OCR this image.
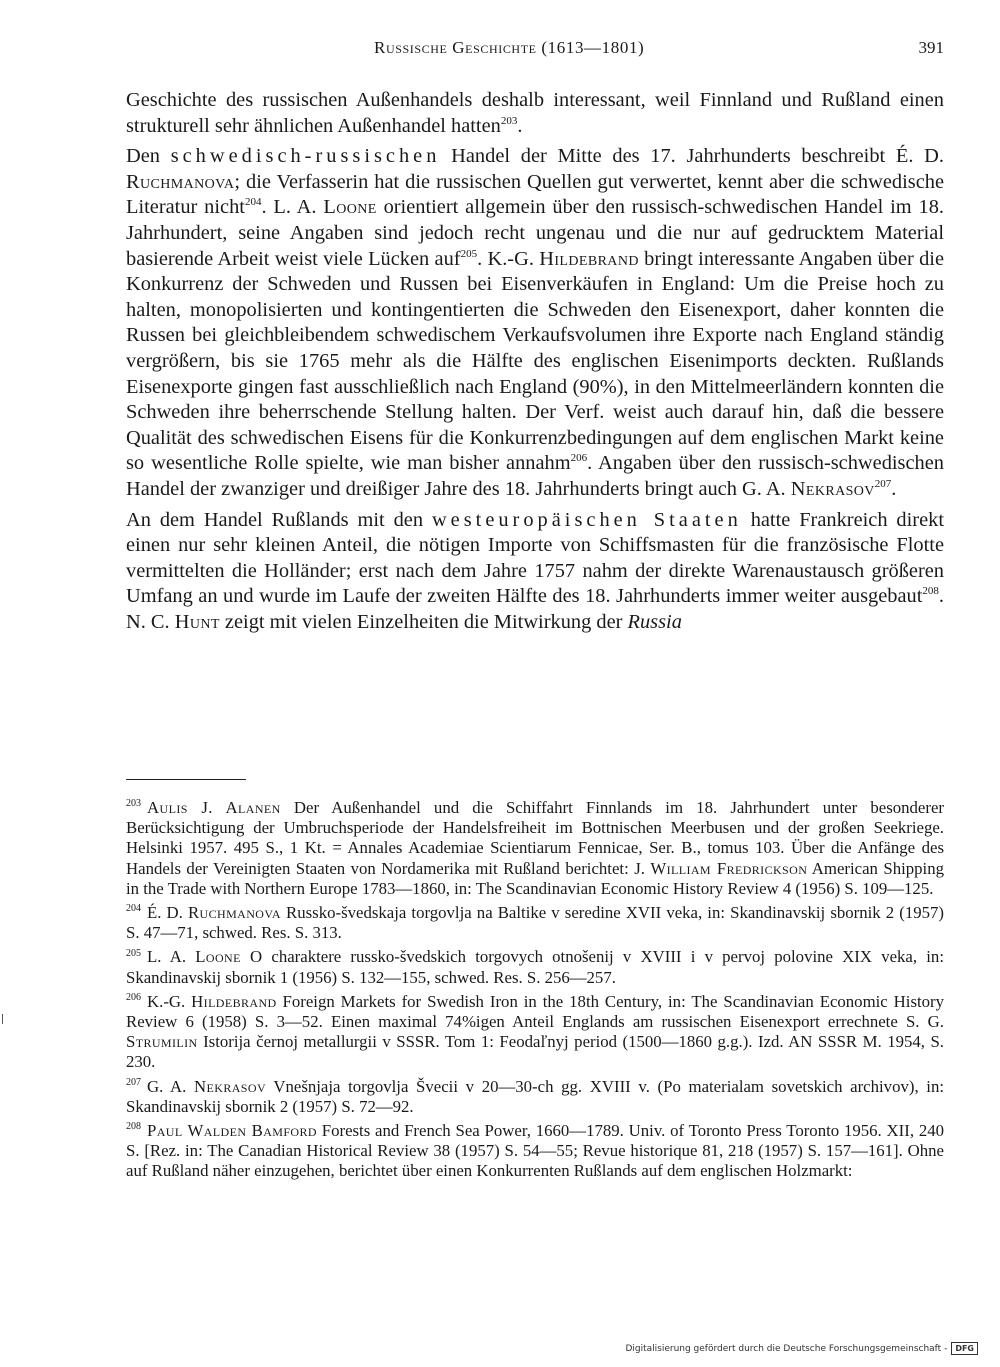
Russische Geschichte (1613—1801)	391

Geschichte des russischen Außenhandels deshalb interessant, weil Finnland und Rußland einen strukturell sehr ähnlichen Außenhandel hatten$^{203}$.

Den schwedisch-russischen Handel der Mitte des 17. Jahrhunderts beschreibt É. D. Ruchmanova; die Verfasserin hat die russischen Quellen gut verwertet, kennt aber die schwedische Literatur nicht$^{204}$. L. A. Loone orientiert allgemein über den russisch-schwedischen Handel im 18. Jahrhundert, seine Angaben sind jedoch recht ungenau und die nur auf gedrucktem Material basierende Arbeit weist viele Lücken auf$^{205}$. K.-G. Hildebrand bringt interessante Angaben über die Konkurrenz der Schweden und Russen bei Eisenverkäufen in England: Um die Preise hoch zu halten, monopolisierten und kontingentierten die Schweden den Eisenexport, daher konnten die Russen bei gleichbleibendem schwedischem Verkaufsvolumen ihre Exporte nach England ständig vergrößern, bis sie 1765 mehr als die Hälfte des englischen Eisenimports deckten. Rußlands Eisenexporte gingen fast ausschließlich nach England (90%), in den Mittelmeerländern konnten die Schweden ihre beherrschende Stellung halten. Der Verf. weist auch darauf hin, daß die bessere Qualität des schwedischen Eisens für die Konkurrenzbedingungen auf dem englischen Markt keine so wesentliche Rolle spielte, wie man bisher annahm$^{206}$. Angaben über den russisch-schwedischen Handel der zwanziger und dreißiger Jahre des 18. Jahrhunderts bringt auch G. A. Nekrasov$^{207}$.

An dem Handel Rußlands mit den westeuropäischen Staaten hatte Frankreich direkt einen nur sehr kleinen Anteil, die nötigen Importe von Schiffsmasten für die französische Flotte vermittelten die Holländer; erst nach dem Jahre 1757 nahm der direkte Warenaustausch größeren Umfang an und wurde im Laufe der zweiten Hälfte des 18. Jahrhunderts immer weiter ausgebaut$^{208}$. N. C. Hunt zeigt mit vielen Einzelheiten die Mitwirkung der Russia

$^{203}$ Aulis J. Alanen Der Außenhandel und die Schiffahrt Finnlands im 18. Jahrhundert unter besonderer Berücksichtigung der Umbruchsperiode der Handelsfreiheit im Bottnischen Meerbusen und der großen Seekriege. Helsinki 1957. 495 S., 1 Kt. = Annales Academiae Scientiarum Fennicae, Ser. B., tomus 103. Über die Anfänge des Handels der Vereinigten Staaten von Nordamerika mit Rußland berichtet: J. William Fredrickson American Shipping in the Trade with Northern Europe 1783—1860, in: The Scandinavian Economic History Review 4 (1956) S. 109—125.

$^{204}$ É. D. Ruchmanova Russko-švedskaja torgovlja na Baltike v seredine XVII veka, in: Skandinavskij sbornik 2 (1957) S. 47—71, schwed. Res. S. 313.

$^{205}$ L. A. Loone O charaktere russko-švedskich torgovych otnošenij v XVIII i v pervoj polovine XIX veka, in: Skandinavskij sbornik 1 (1956) S. 132—155, schwed. Res. S. 256—257.

$^{206}$ K.-G. Hildebrand Foreign Markets for Swedish Iron in the 18th Century, in: The Scandinavian Economic History Review 6 (1958) S. 3—52. Einen maximal 74%igen Anteil Englands am russischen Eisenexport errechnete S. G. Strumilin Istorija černoj metallurgii v SSSR. Tom 1: Feodaľnyj period (1500—1860 g.g.). Izd. AN SSSR M. 1954, S. 230.

$^{207}$ G. A. Nekrasov Vnešnjaja torgovlja Švecii v 20—30-ch gg. XVIII v. (Po materialam sovetskich archivov), in: Skandinavskij sbornik 2 (1957) S. 72—92.

$^{208}$ Paul Walden Bamford Forests and French Sea Power, 1660—1789. Univ. of Toronto Press Toronto 1956. XII, 240 S. [Rez. in: The Canadian Historical Review 38 (1957) S. 54—55; Revue historique 81, 218 (1957) S. 157—161]. Ohne auf Rußland näher einzugehen, berichtet über einen Konkurrenten Rußlands auf dem englischen Holzmarkt:

Digitalisierung gefördert durch die Deutsche Forschungsgemeinschaft -	DFG
